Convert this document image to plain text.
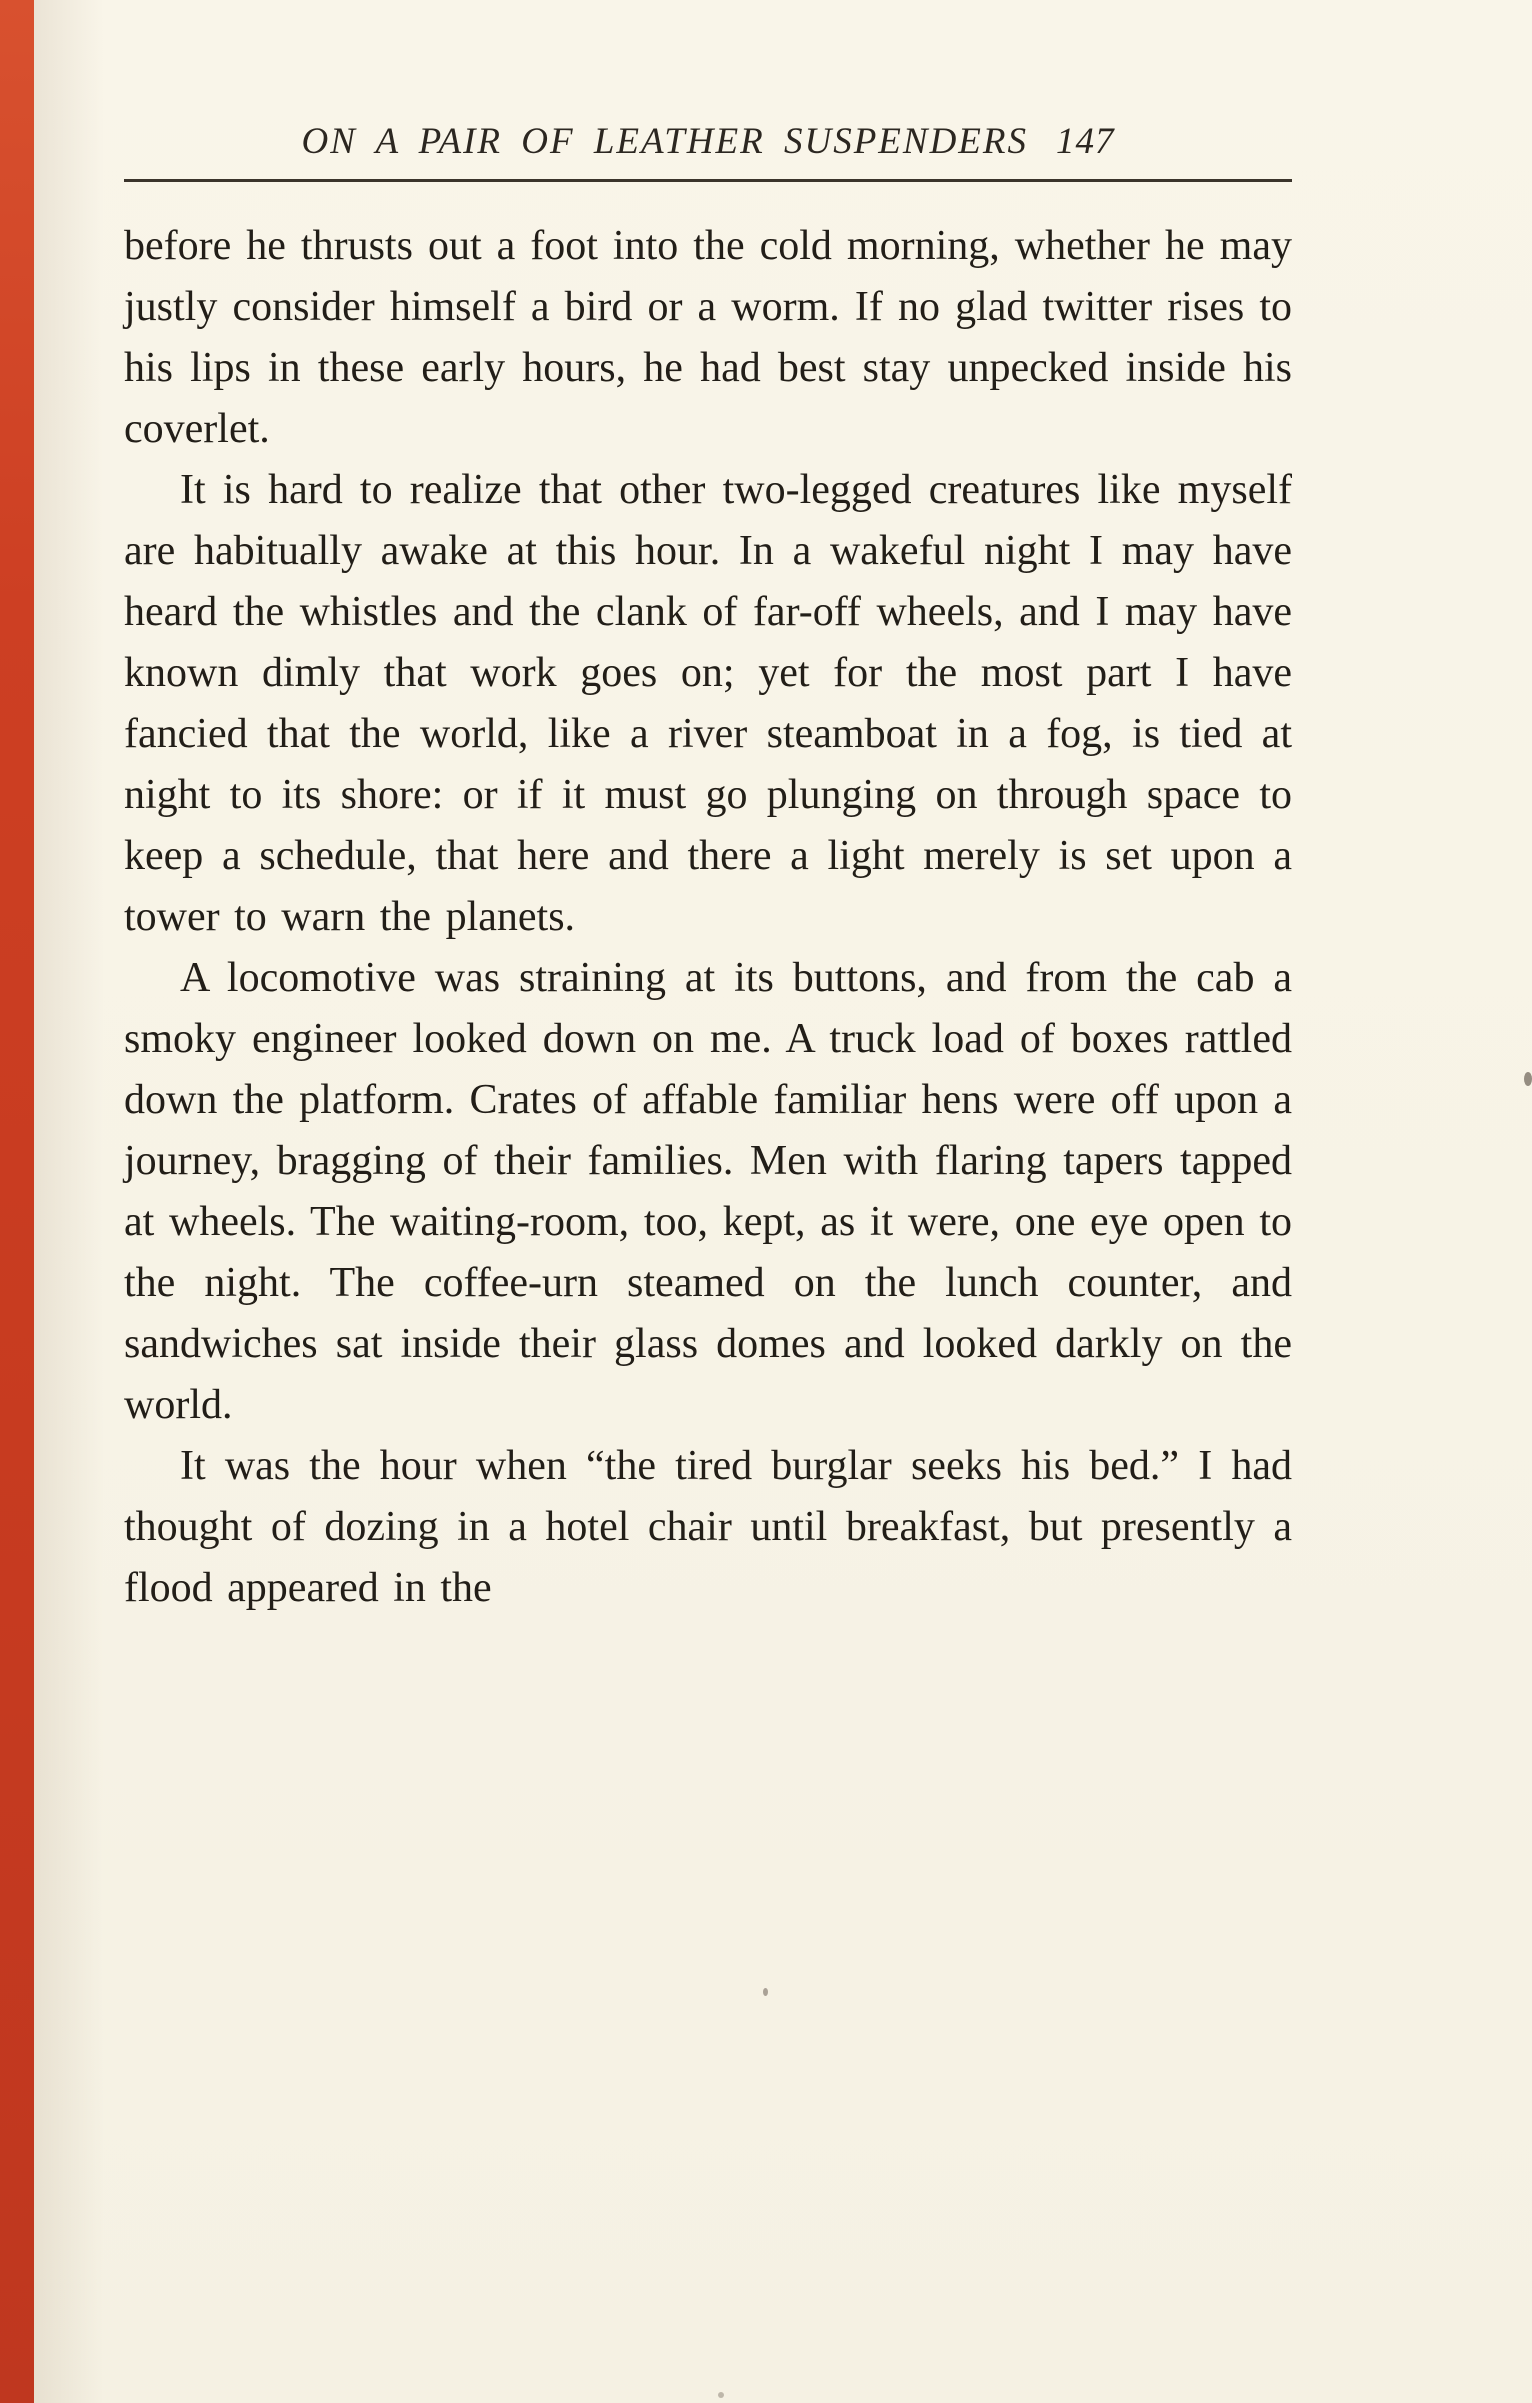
ON A PAIR OF LEATHER SUSPENDERS 147

before he thrusts out a foot into the cold morning, whether he may justly consider himself a bird or a worm. If no glad twitter rises to his lips in these early hours, he had best stay unpecked inside his coverlet.

It is hard to realize that other two-legged creatures like myself are habitually awake at this hour. In a wakeful night I may have heard the whistles and the clank of far-off wheels, and I may have known dimly that work goes on; yet for the most part I have fancied that the world, like a river steamboat in a fog, is tied at night to its shore: or if it must go plunging on through space to keep a schedule, that here and there a light merely is set upon a tower to warn the planets.

A locomotive was straining at its buttons, and from the cab a smoky engineer looked down on me. A truck load of boxes rattled down the platform. Crates of affable familiar hens were off upon a journey, bragging of their families. Men with flaring tapers tapped at wheels. The waiting-room, too, kept, as it were, one eye open to the night. The coffee-urn steamed on the lunch counter, and sandwiches sat inside their glass domes and looked darkly on the world.

It was the hour when “the tired burglar seeks his bed.” I had thought of dozing in a hotel chair until breakfast, but presently a flood appeared in the
